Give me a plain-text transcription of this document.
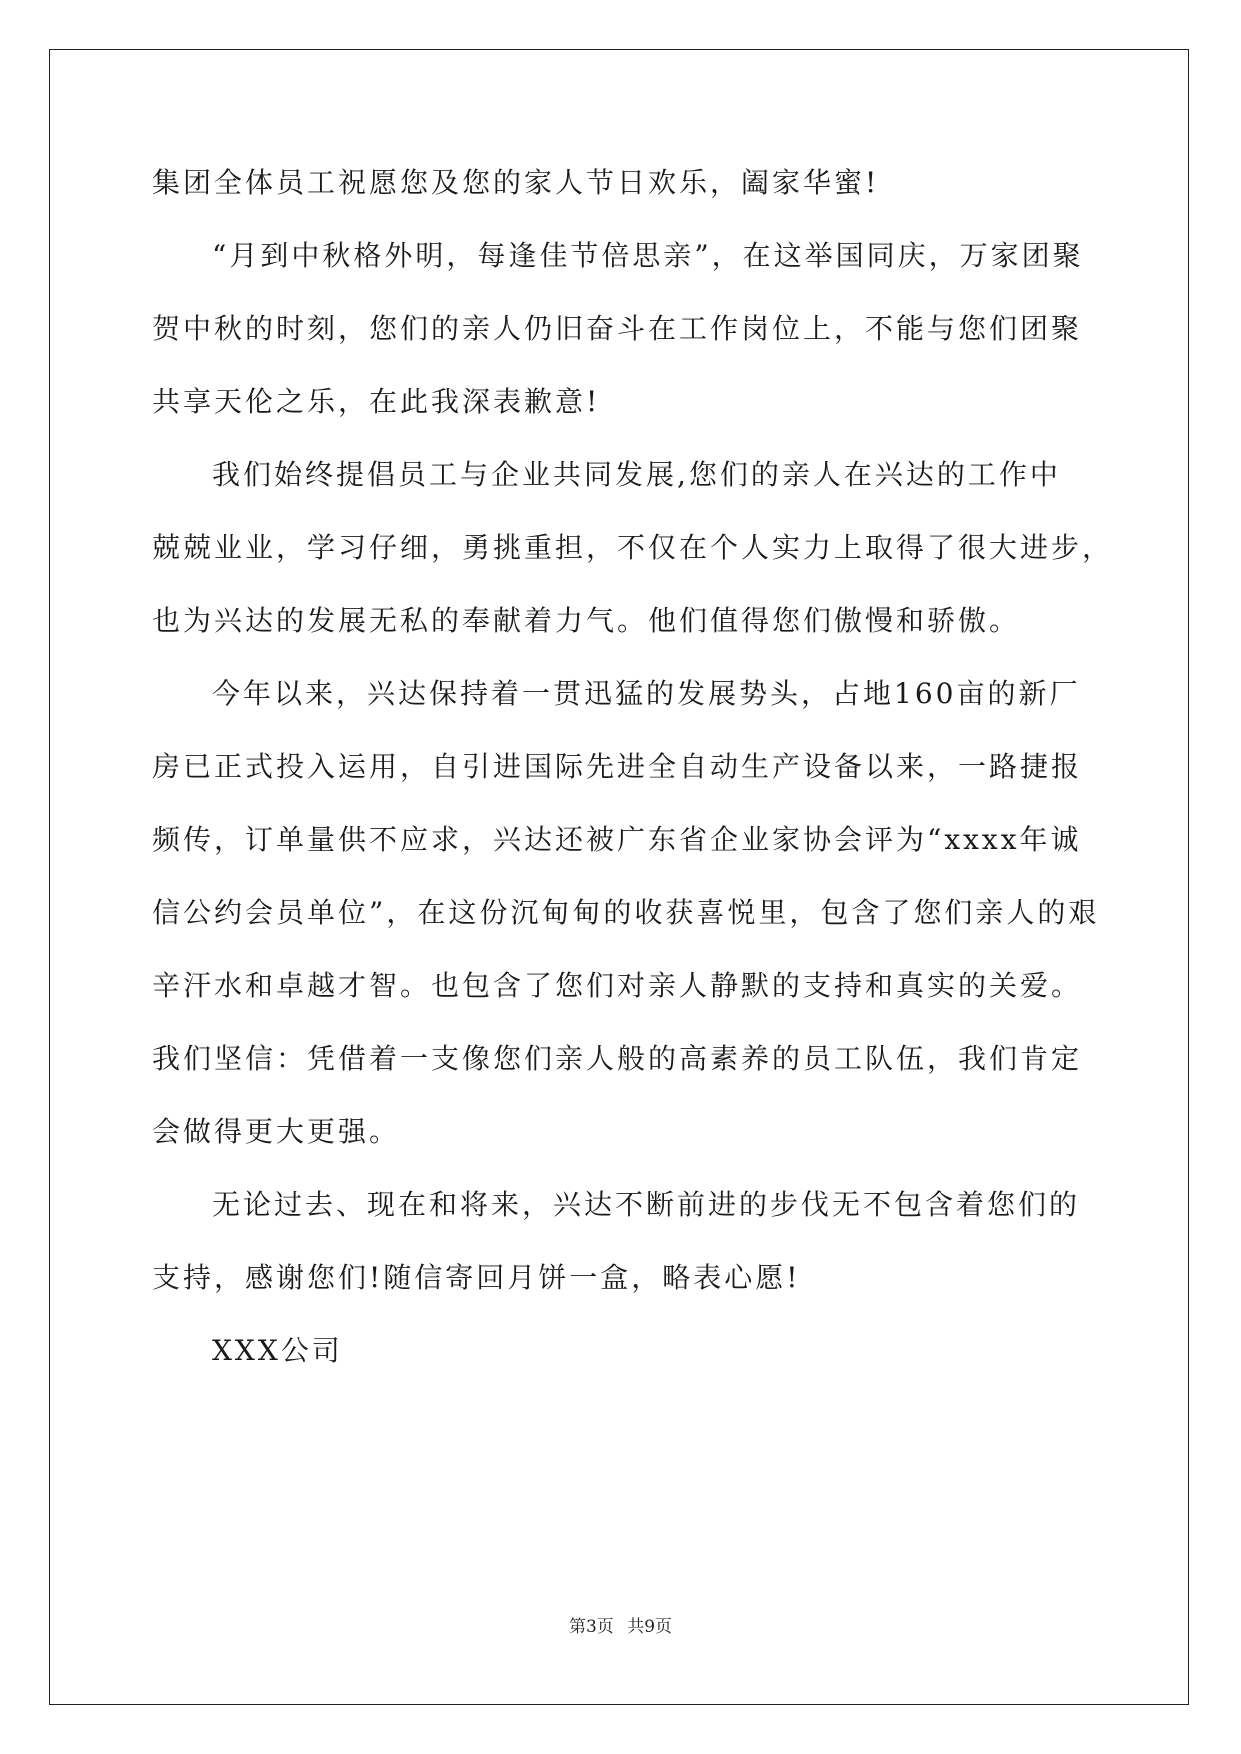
集团全体员工祝愿您及您的家人节日欢乐，阖家华蜜!
“月到中秋格外明，每逢佳节倍思亲”，在这举国同庆，万家团聚
贺中秋的时刻，您们的亲人仍旧奋斗在工作岗位上，不能与您们团聚
共享天伦之乐，在此我深表歉意!
我们始终提倡员工与企业共同发展,您们的亲人在兴达的工作中
兢兢业业，学习仔细，勇挑重担，不仅在个人实力上取得了很大进步，
也为兴达的发展无私的奉献着力气。他们值得您们傲慢和骄傲。
今年以来，兴达保持着一贯迅猛的发展势头，占地160亩的新厂
房已正式投入运用，自引进国际先进全自动生产设备以来，一路捷报
频传，订单量供不应求，兴达还被广东省企业家协会评为“xxxx年诚
信公约会员单位”，在这份沉甸甸的收获喜悦里，包含了您们亲人的艰
辛汗水和卓越才智。也包含了您们对亲人静默的支持和真实的关爱。
我们坚信：凭借着一支像您们亲人般的高素养的员工队伍，我们肯定
会做得更大更强。
无论过去、现在和将来，兴达不断前进的步伐无不包含着您们的
支持，感谢您们!随信寄回月饼一盒，略表心愿!
XXX公司
第3页 共9页
